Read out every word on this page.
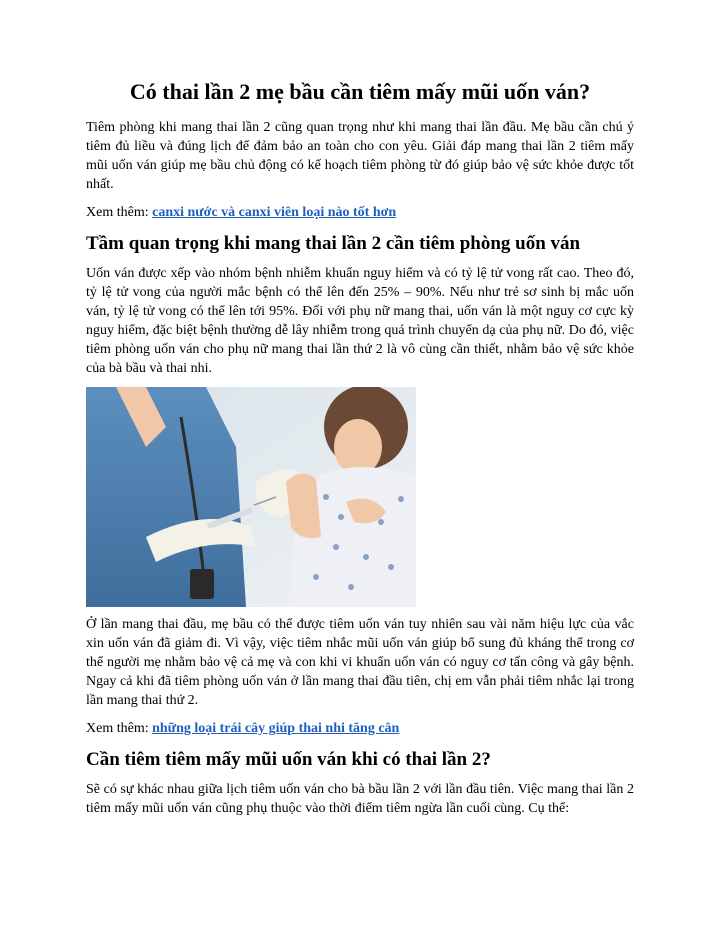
Có thai lần 2 mẹ bầu cần tiêm mấy mũi uốn ván?

Tiêm phòng khi mang thai lần 2 cũng quan trọng như khi mang thai lần đầu. Mẹ bầu cần chú ý tiêm đủ liều và đúng lịch để đảm bảo an toàn cho con yêu. Giải đáp mang thai lần 2 tiêm mấy mũi uốn ván giúp mẹ bầu chủ động có kế hoạch tiêm phòng từ đó giúp bảo vệ sức khỏe được tốt nhất.

Xem thêm: canxi nước và canxi viên loại nào tốt hơn

Tầm quan trọng khi mang thai lần 2 cần tiêm phòng uốn ván

Uốn ván được xếp vào nhóm bệnh nhiễm khuẩn nguy hiểm và có tỷ lệ tử vong rất cao. Theo đó, tỷ lệ tử vong của người mắc bệnh có thể lên đến 25% – 90%. Nếu như trẻ sơ sinh bị mắc uốn ván, tỷ lệ tử vong có thể lên tới 95%. Đối với phụ nữ mang thai, uốn ván là một nguy cơ cực kỳ nguy hiểm, đặc biệt bệnh thường dễ lây nhiễm trong quá trình chuyển dạ của phụ nữ. Do đó, việc tiêm phòng uốn ván cho phụ nữ mang thai lần thứ 2 là vô cùng cần thiết, nhằm bảo vệ sức khỏe của bà bầu và thai nhi.

Ở lần mang thai đầu, mẹ bầu có thể được tiêm uốn ván tuy nhiên sau vài năm hiệu lực của vắc xin uốn ván đã giảm đi. Vì vậy, việc tiêm nhắc mũi uốn ván giúp bổ sung đủ kháng thể trong cơ thể người mẹ nhằm bảo vệ cả mẹ và con khi vi khuẩn uốn ván có nguy cơ tấn công và gây bệnh. Ngay cả khi đã tiêm phòng uốn ván ở lần mang thai đầu tiên, chị em vẫn phải tiêm nhắc lại trong lần mang thai thứ 2.

Xem thêm: những loại trái cây giúp thai nhi tăng cân

Cần tiêm tiêm mấy mũi uốn ván khi có thai lần 2?

Sẽ có sự khác nhau giữa lịch tiêm uốn ván cho bà bầu lần 2 với lần đầu tiên. Việc mang thai lần 2 tiêm mấy mũi uốn ván cũng phụ thuộc vào thời điểm tiêm ngừa lần cuối cùng. Cụ thể:
